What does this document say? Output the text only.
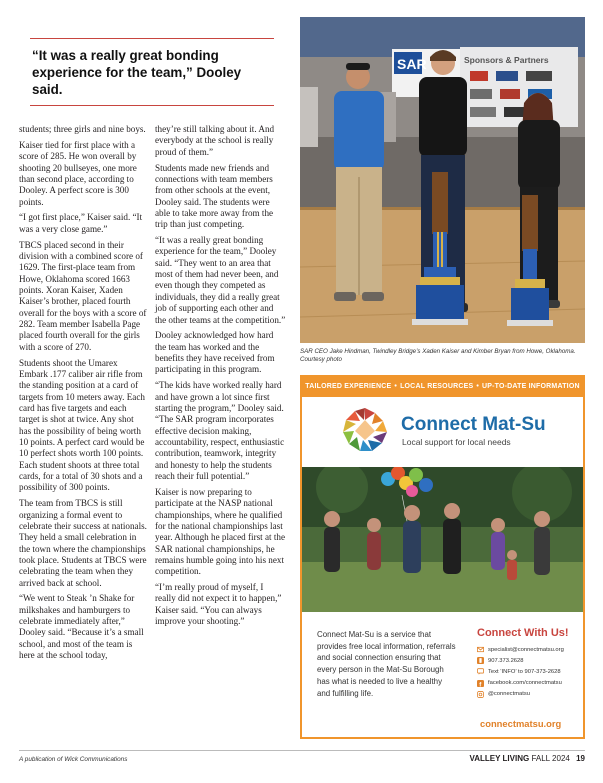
“It was a really great bonding experience for the team,” Dooley said.

students; three girls and nine boys.

Kaiser tied for first place with a score of 285. He won overall by shooting 20 bullseyes, one more than second place, according to Dooley. A perfect score is 300 points.

“I got first place,” Kaiser said. “It was a very close game.”

TBCS placed second in their division with a combined score of 1629. The first-place team from Howe, Oklahoma scored 1663 points. Xoran Kaiser, Xaden Kaiser’s brother, placed fourth overall for the boys with a score of 282. Team member Isabella Page placed fourth overall for the girls with a score of 270.

Students shoot the Umarex Embark .177 caliber air rifle from the standing position at a card of targets from 10 meters away. Each card has five targets and each target is shot at twice. Any shot has the possibility of being worth 10 points. A perfect card would be 10 perfect shots worth 100 points. Each student shoots at three total cards, for a total of 30 shots and a possibility of 300 points.

The team from TBCS is still organizing a formal event to celebrate their success at nationals. They held a small celebration in the town where the championships took place. Students at TBCS were celebrating the team when they arrived back at school.

“We went to Steak ’n Shake for milkshakes and hamburgers to celebrate immediately after,” Dooley said. “Because it’s a small school, and most of the team is here at the school today,

they’re still talking about it. And everybody at the school is really proud of them.”

Students made new friends and connections with team members from other schools at the event, Dooley said. The students were able to take more away from the trip than just competing.

“It was a really great bonding experience for the team,” Dooley said. “They went to an area that most of them had never been, and even though they competed as individuals, they did a really great job of supporting each other and the other teams at the competition.”

Dooley acknowledged how hard the team has worked and the benefits they have received from participating in this program.

“The kids have worked really hard and have grown a lot since first starting the program,” Dooley said. “The SAR program incorporates effective decision making, accountability, respect, enthusiastic contribution, teamwork, integrity and honesty to help the students reach their full potential.”

Kaiser is now preparing to participate at the NASP national championships, where he qualified for the national championships last year. Although he placed first at the SAR national championships, he remains humble going into his next competition.

“I’m really proud of myself, I really did not expect it to happen,” Kaiser said. “You can always improve your shooting.”

SAR	Sponsors & Partners
SAR CEO Jake Hindman, Twindley Bridge’s Xaden Kaiser and Kimber Bryan from Howe, Oklahoma. Courtesy photo
TAILORED EXPERIENCE • LOCAL RESOURCES • UP-TO-DATE INFORMATION
Connect Mat-Su
Local support for local needs
Connect Mat-Su is a service that provides free local information, referrals and social connection ensuring that every person in the Mat-Su Borough has what is needed to live a healthy and fulfilling life.
Connect With Us!
specialist@connectmatsu.org
907.373.2628
Text ‘INFO’ to 907-373-2628
f facebook.com/connectmatsu
@connectmatsu
connectmatsu.org
A publication of Wick Communications	VALLEY LIVING FALL 2024 19
